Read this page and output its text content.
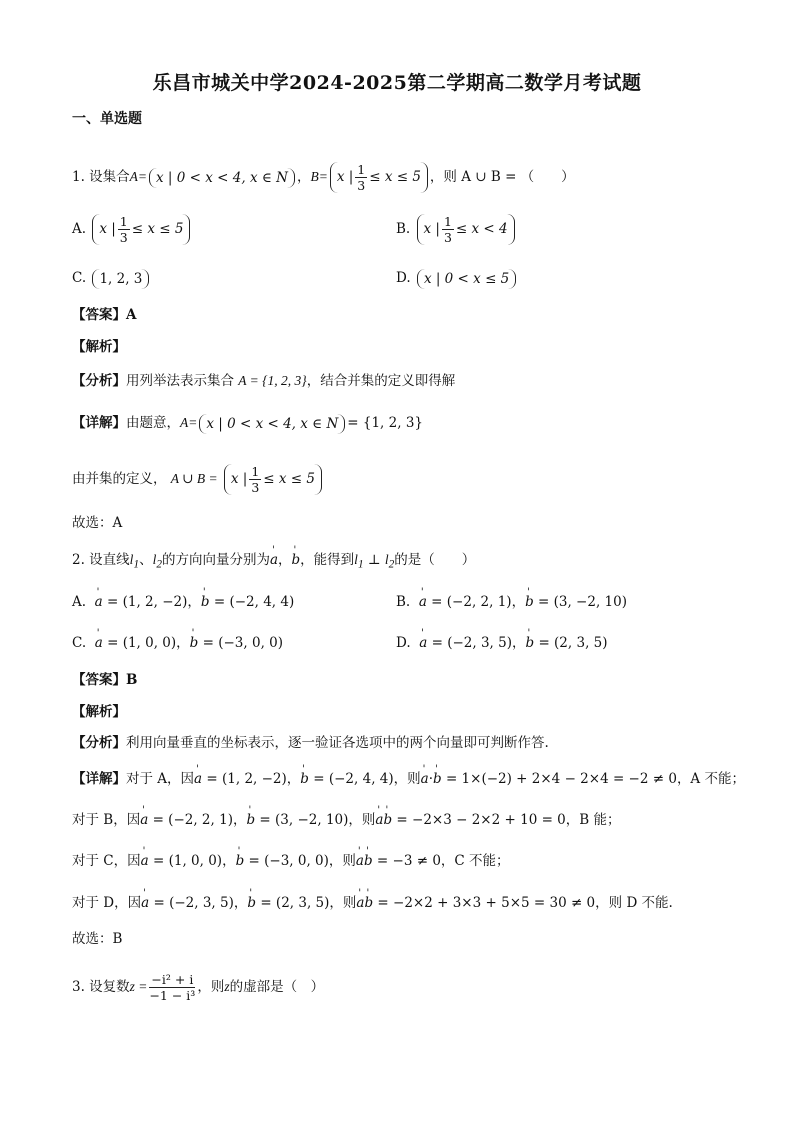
乐昌市城关中学2024-2025第二学期高二数学月考试题
一、单选题
1. 设集合A= x | 0 < x < 4, x ∈ N ，B= x | $\frac{1}{3} \le x \le 5$ ，则 A ∪ B = （　　）
A. x | $\frac{1}{3} \le x \le 5$	B. x | $\frac{1}{3} \le x < 4$
C. 1, 2, 3	D. x | 0 < x ≤ 5
【答案】A
【解析】
【分析】用列举法表示集合 A = {1, 2, 3}，结合并集的定义即得解
【详解】由题意，A= x | 0 < x < 4, x ∈ N = {1, 2, 3}
由并集的定义， A ∪ B = x | $\frac{1}{3} \le x \le 5$
故选：A
2. 设直线$l_1$、$l_2$的方向向量分别为' a，' b，能得到$l_1$ ⊥ $l_2$的是（　　）
A. ' a = (1, 2, −2)，' b = (−2, 4, 4)	B. ' a = (−2, 2, 1)，' b = (3, −2, 10)
C. ' a = (1, 0, 0)，' b = (−3, 0, 0)	D. ' a = (−2, 3, 5)，' b = (2, 3, 5)
【答案】B
【解析】
【分析】利用向量垂直的坐标表示，逐一验证各选项中的两个向量即可判断作答.
【详解】对于 A，因' a = (1, 2, −2)，' b = (−2, 4, 4)，则' a·' b = 1×(−2) + 2×4 − 2×4 = −2 ≠ 0，A 不能；
对于 B，因' a = (−2, 2, 1)，' b = (3, −2, 10)，则' a' b = −2×3 − 2×2 + 10 = 0，B 能；
对于 C，因' a = (1, 0, 0)，' b = (−3, 0, 0)，则' a' b = −3 ≠ 0，C 不能；
对于 D，因' a = (−2, 3, 5)，' b = (2, 3, 5)，则' a' b = −2×2 + 3×3 + 5×5 = 30 ≠ 0，则 D 不能.
故选：B
3. 设复数$z = \frac{\text{−i² + i}}{\text{−1 − i³}}$ ，则z的虚部是（　）
